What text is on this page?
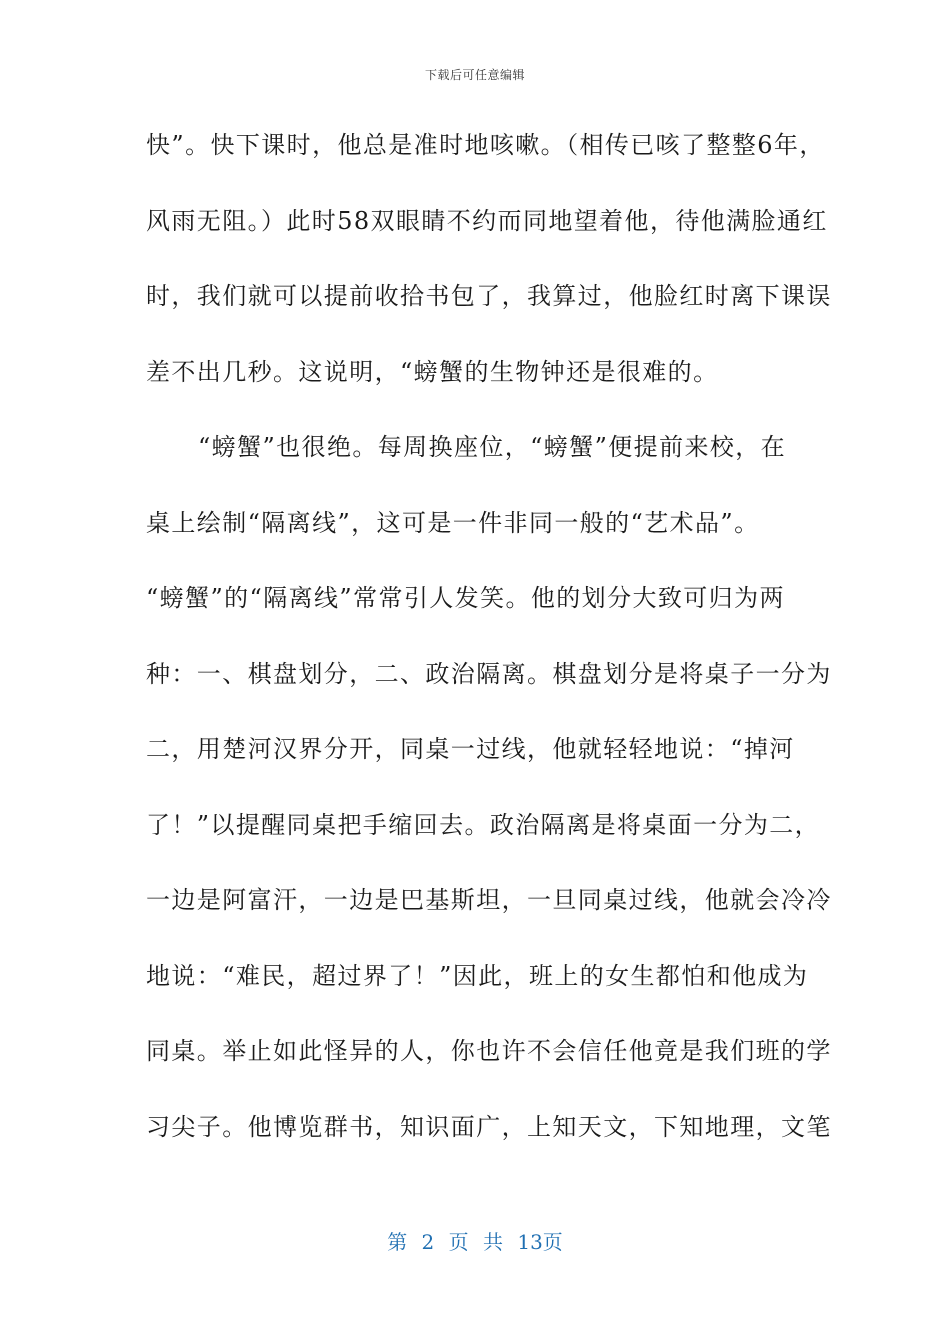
下载后可任意编辑
快”。快下课时，他总是准时地咳嗽。（相传已咳了整整6年，
风雨无阻。）此时58双眼睛不约而同地望着他，待他满脸通红
时，我们就可以提前收拾书包了，我算过，他脸红时离下课误
差不出几秒。这说明，“螃蟹的生物钟还是很难的。
“螃蟹”也很绝。每周换座位，“螃蟹”便提前来校，在
桌上绘制“隔离线”，这可是一件非同一般的“艺术品”。
“螃蟹”的“隔离线”常常引人发笑。他的划分大致可归为两
种：一、棋盘划分，二、政治隔离。棋盘划分是将桌子一分为
二，用楚河汉界分开，同桌一过线，他就轻轻地说：“掉河
了！”以提醒同桌把手缩回去。政治隔离是将桌面一分为二，
一边是阿富汗，一边是巴基斯坦，一旦同桌过线，他就会冷冷
地说：“难民，超过界了！”因此，班上的女生都怕和他成为
同桌。举止如此怪异的人，你也许不会信任他竟是我们班的学
习尖子。他博览群书，知识面广，上知天文，下知地理，文笔
第 2 页 共 13页
